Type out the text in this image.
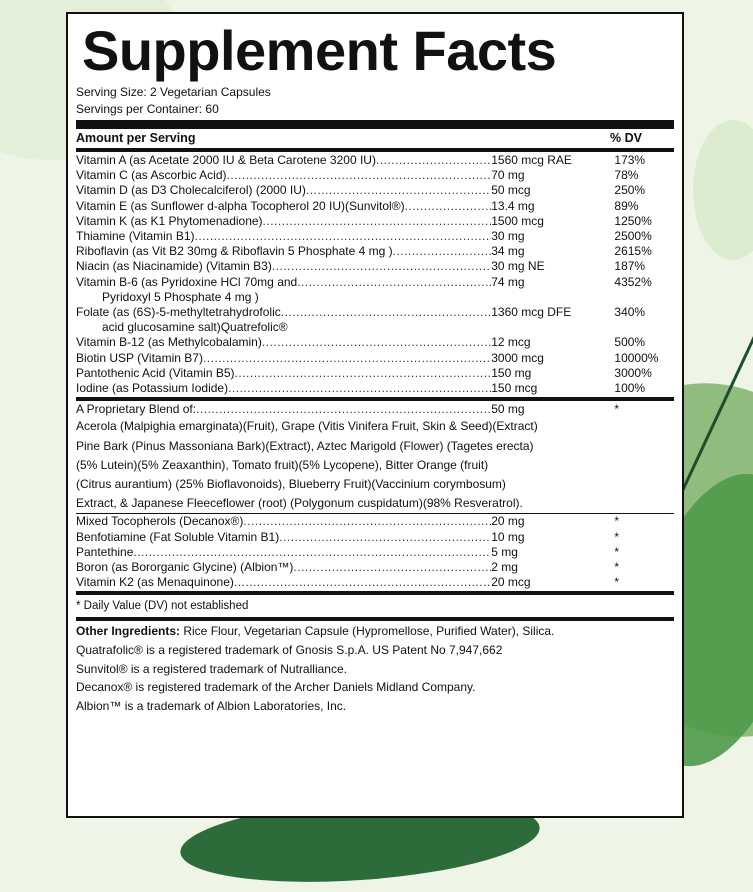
Supplement Facts
Serving Size: 2 Vegetarian Capsules
Servings per Container: 60
Amount per Serving	% DV
Vitamin A (as Acetate 2000 IU & Beta Carotene 3200 IU) .....	1560 mcg RAE	173%
Vitamin C (as Ascorbic Acid) .....	70 mg	78%
Vitamin D (as D3 Cholecalciferol) (2000 IU) .....	50 mcg	250%
Vitamin E (as Sunflower d-alpha Tocopherol 20 IU)(Sunvitol®) .....	13.4 mg	89%
Vitamin K (as K1 Phytomenadione) .....	1500 mcg	1250%
Thiamine (Vitamin B1) .....	30 mg	2500%
Riboflavin (as Vit B2 30mg & Riboflavin 5 Phosphate 4 mg ) .....	34 mg	2615%
Niacin (as Niacinamide) (Vitamin B3) .....	30 mg NE	187%
Vitamin B-6 (as Pyridoxine HCl 70mg and .....	74 mg	4352%
Pyridoxyl 5 Phosphate 4 mg )
Folate (as (6S)-5-methyltetrahydrofolic .....	1360 mcg DFE	340%
acid glucosamine salt)Quatrefolic®
Vitamin B-12 (as Methylcobalamin) .....	12 mcg	500%
Biotin USP (Vitamin B7) .....	3000 mcg	10000%
Pantothenic Acid (Vitamin B5) .....	150 mg	3000%
Iodine (as Potassium Iodide) .....	150 mcg	100%
A Proprietary Blend of: .....	50 mg	*
Acerola (Malpighia emarginata)(Fruit), Grape (Vitis Vinifera Fruit, Skin & Seed)(Extract)
Pine Bark (Pinus Massoniana Bark)(Extract), Aztec Marigold (Flower) (Tagetes erecta)
(5% Lutein)(5% Zeaxanthin), Tomato fruit)(5% Lycopene), Bitter Orange (fruit)
(Citrus aurantium) (25% Bioflavonoids), Blueberry Fruit)(Vaccinium corymbosum)
Extract, & Japanese Fleeceflower (root) (Polygonum cuspidatum)(98% Resveratrol).
Mixed Tocopherols (Decanox®) .....	20 mg	*
Benfotiamine (Fat Soluble Vitamin B1) .....	10 mg	*
Pantethine .....	5 mg	*
Boron (as Bororganic Glycine) (Albion™) .....	2 mg	*
Vitamin K2 (as Menaquinone) .....	20 mcg	*
* Daily Value (DV) not established
Other Ingredients: Rice Flour, Vegetarian Capsule (Hypromellose, Purified Water), Silica.
Quatrafolic® is a registered trademark of Gnosis S.p.A. US Patent No 7,947,662
Sunvitol® is a registered trademark of Nutralliance.
Decanox® is registered trademark of the Archer Daniels Midland Company.
Albion™ is a trademark of Albion Laboratories, Inc.
